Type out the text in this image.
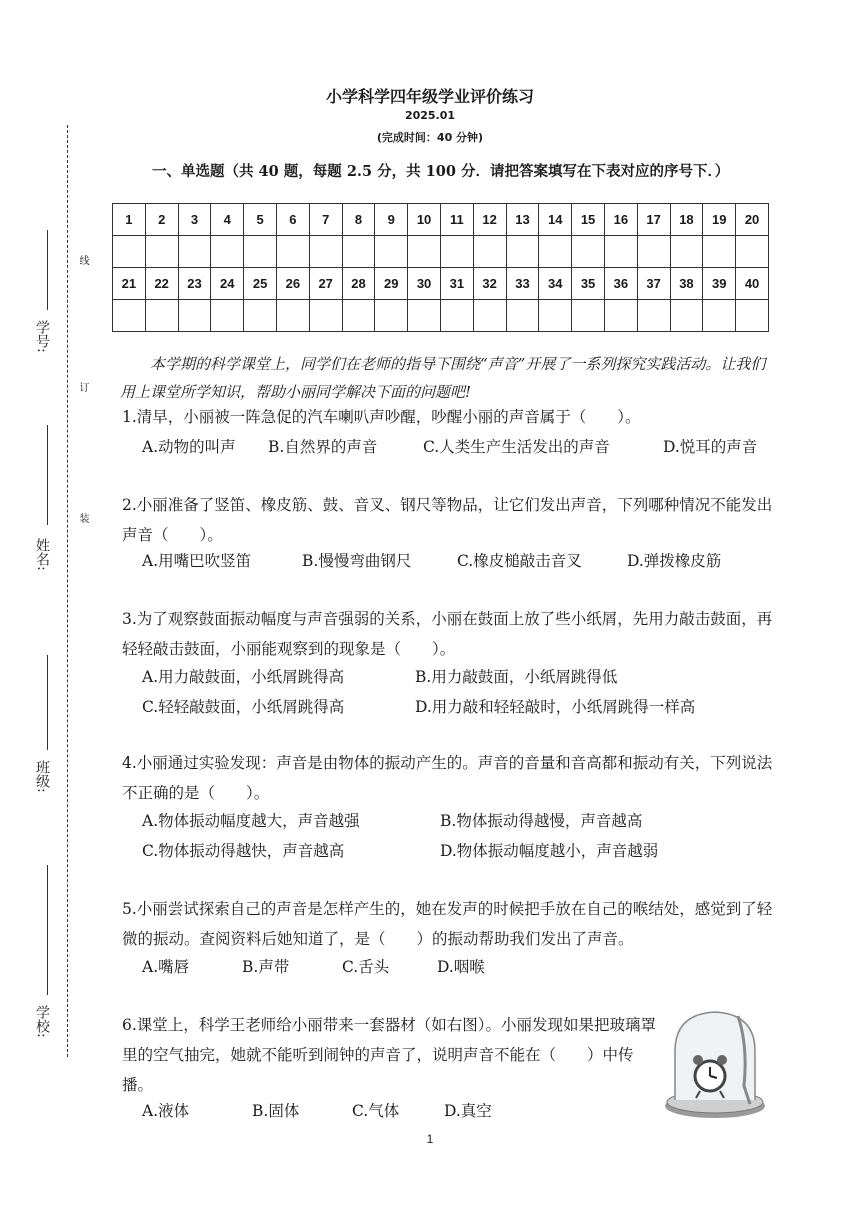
小学科学四年级学业评价练习
2025.01
(完成时间：40 分钟)
一、单选题（共 40 题，每题 2.5 分，共 100 分．请把答案填写在下表对应的序号下．）
1	2	3	4	5	6	7	8	9	10	11	12	13	14	15	16	17	18	19	20

21	22	23	24	25	26	27	28	29	30	31	32	33	34	35	36	37	38	39	40

本学期的科学课堂上，同学们在老师的指导下围绕“声音”开展了一系列探究实践活动。让我们用上课堂所学知识，帮助小丽同学解决下面的问题吧!
1.清早，小丽被一阵急促的汽车喇叭声吵醒，吵醒小丽的声音属于（　　）。
A.动物的叫声 B.自然界的声音	C.人类生产生活发出的声音	D.悦耳的声音
2.小丽准备了竖笛、橡皮筋、鼓、音叉、钢尺等物品，让它们发出声音，下列哪种情况不能发出声音（　　）。
A.用嘴巴吹竖笛	B.慢慢弯曲钢尺	C.橡皮槌敲击音叉	D.弹拨橡皮筋
3.为了观察鼓面振动幅度与声音强弱的关系，小丽在鼓面上放了些小纸屑，先用力敲击鼓面，再轻轻敲击鼓面，小丽能观察到的现象是（　　）。
A.用力敲鼓面，小纸屑跳得高	B.用力敲鼓面，小纸屑跳得低
C.轻轻敲鼓面，小纸屑跳得高	D.用力敲和轻轻敲时，小纸屑跳得一样高
4.小丽通过实验发现：声音是由物体的振动产生的。声音的音量和音高都和振动有关，下列说法不正确的是（　　）。
A.物体振动幅度越大，声音越强	B.物体振动得越慢，声音越高
C.物体振动得越快，声音越高	D.物体振动幅度越小，声音越弱
5.小丽尝试探索自己的声音是怎样产生的，她在发声的时候把手放在自己的喉结处，感觉到了轻微的振动。查阅资料后她知道了，是（　　）的振动帮助我们发出了声音。
A.嘴唇	B.声带	C.舌头	D.咽喉
6.课堂上，科学王老师给小丽带来一套器材（如右图）。小丽发现如果把玻璃罩里的空气抽完，她就不能听到闹钟的声音了，说明声音不能在（　　）中传播。
A.液体	B.固体	C.气体	D.真空
线
订
装
学号:
姓名:
班级:
学校:
1
